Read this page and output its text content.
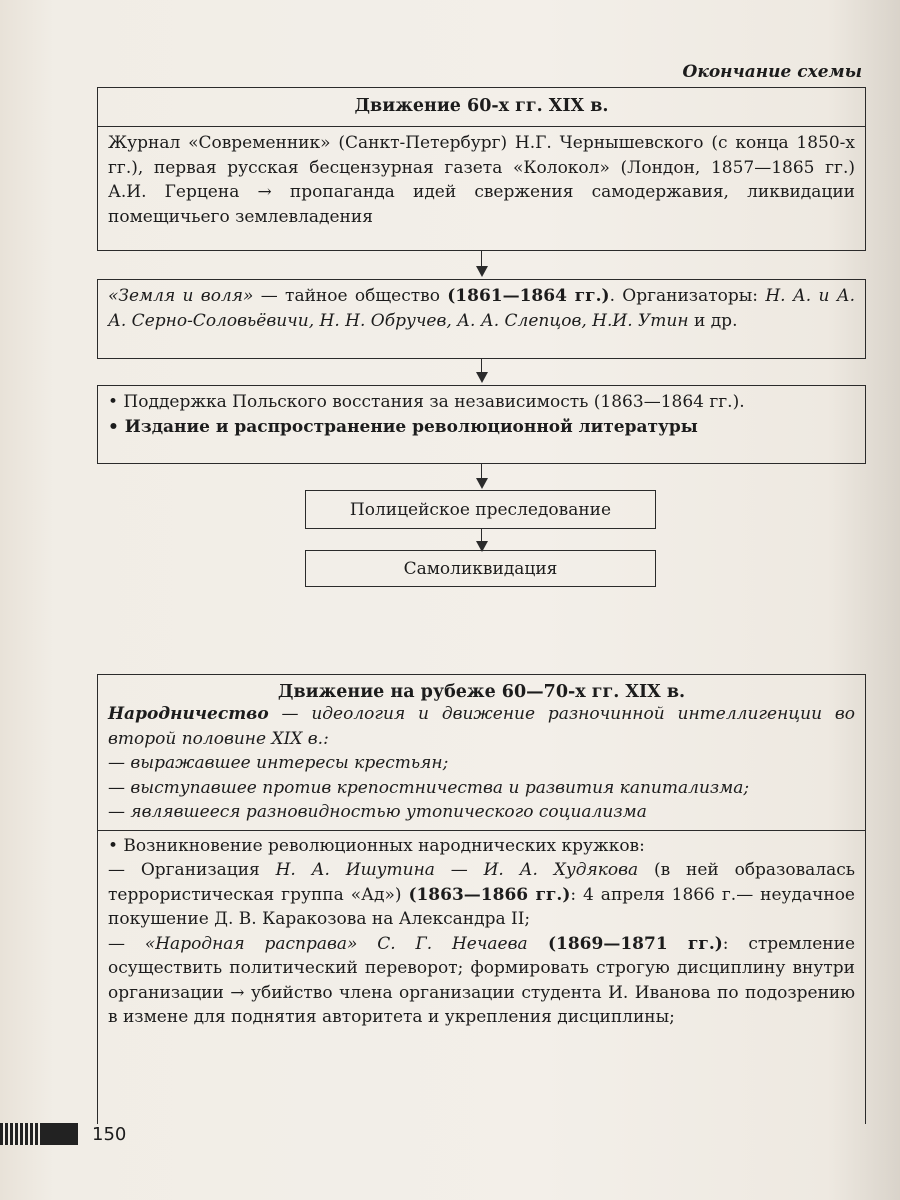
Окончание схемы
Движение 60-х гг. XIX в.
Журнал «Современник» (Санкт-Петербург) Н.Г. Чернышевского (с конца 1850-х гг.), первая русская бесцензурная газета «Колокол» (Лондон, 1857—1865 гг.) А.И. Герцена → пропаганда идей свержения самодержавия, ликвидации помещичьего землевладения
«Земля и воля» — тайное общество (1861—1864 гг.). Организаторы: Н. А. и А. А. Серно-Соловьёвичи, Н. Н. Обручев, А. А. Слепцов, Н.И. Утин и др.
• Поддержка Польского восстания за независимость (1863—1864 гг.).
• Издание и распространение революционной литературы
Полицейское преследование
Самоликвидация
Движение на рубеже 60—70-х гг. XIX в.
Народничество — идеология и движение разночинной интеллигенции во второй половине XIX в.:
— выражавшее интересы крестьян;
— выступавшее против крепостничества и развития капитализма;
— являвшееся разновидностью утопического социализма
• Возникновение революционных народнических кружков:
— Организация Н. А. Ишутина — И. А. Худякова (в ней образовалась террористическая группа «Ад») (1863—1866 гг.): 4 апреля 1866 г.— неудачное покушение Д. В. Каракозова на Александра II;
— «Народная расправа» С. Г. Нечаева (1869—1871 гг.): стремление осуществить политический переворот; формировать строгую дисциплину внутри организации → убийство члена организации студента И. Иванова по подозрению в измене для поднятия авторитета и укрепления дисциплины;
150
